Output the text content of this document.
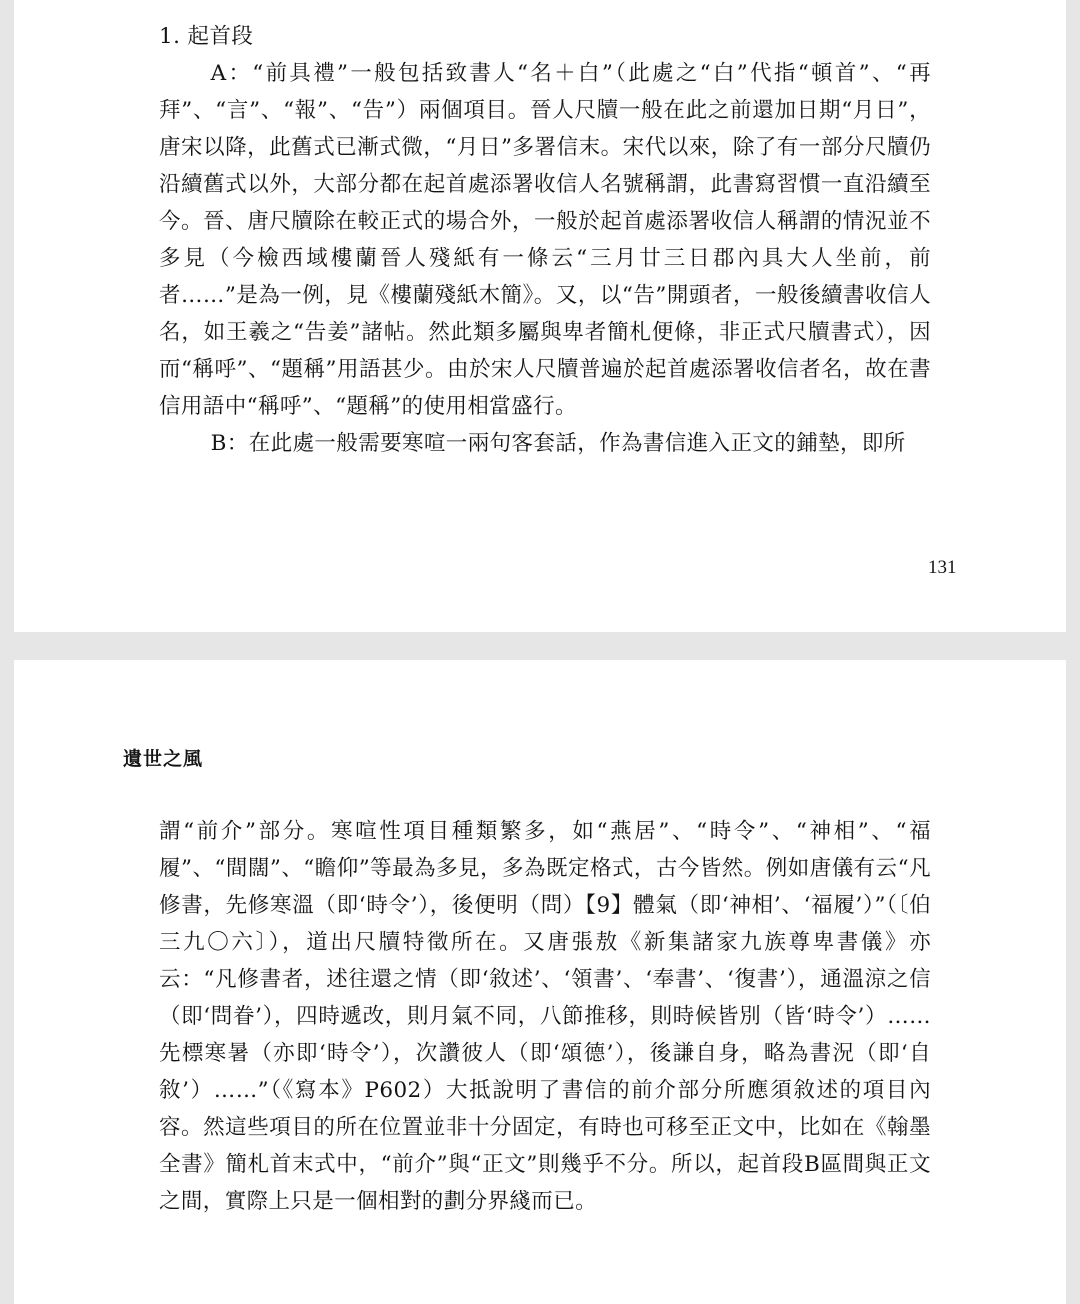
1. 起首段

A：“前具禮”一般包括致書人“名＋白”（此處之“白”代指“頓首”、“再拜”、“言”、“報”、“告”）兩個項目。晉人尺牘一般在此之前還加日期“月日”，唐宋以降，此舊式已漸式微，“月日”多署信末。宋代以來，除了有一部分尺牘仍沿續舊式以外，大部分都在起首處添署收信人名號稱謂，此書寫習慣一直沿續至今。晉、唐尺牘除在較正式的場合外，一般於起首處添署收信人稱謂的情況並不多見（今檢西域樓蘭晉人殘紙有一條云“三月廿三日郡內具大人坐前，前者……”是為一例，見《樓蘭殘紙木簡》。又，以“告”開頭者，一般後續書收信人名，如王羲之“告姜”諸帖。然此類多屬與卑者簡札便條，非正式尺牘書式），因而“稱呼”、“題稱”用語甚少。由於宋人尺牘普遍於起首處添署收信者名，故在書信用語中“稱呼”、“題稱”的使用相當盛行。

B：在此處一般需要寒喧一兩句客套話，作為書信進入正文的鋪墊，即所

131
遺世之風

謂“前介”部分。寒喧性項目種類繁多，如“燕居”、“時令”、“神相”、“福履”、“間闊”、“瞻仰”等最為多見，多為既定格式，古今皆然。例如唐儀有云“凡修書，先修寒溫（即‘時令’），後便明（問）【9】體氣（即‘神相’、‘福履’）”（〔伯三九〇六〕），道出尺牘特徵所在。又唐張敖《新集諸家九族尊卑書儀》亦云：“凡修書者，述往還之情（即‘敘述’、‘領書’、‘奉書’、‘復書’），通溫涼之信（即‘問眷’），四時遞改，則月氣不同，八節推移，則時候皆別（皆‘時令’）……先標寒暑（亦即‘時令’），次讚彼人（即‘頌德’），後謙自身，略為書況（即‘自敘’）……”（《寫本》P602）大抵說明了書信的前介部分所應須敘述的項目內容。然這些項目的所在位置並非十分固定，有時也可移至正文中，比如在《翰墨全書》簡札首末式中，“前介”與“正文”則幾乎不分。所以，起首段B區間與正文之間，實際上只是一個相對的劃分界綫而已。
